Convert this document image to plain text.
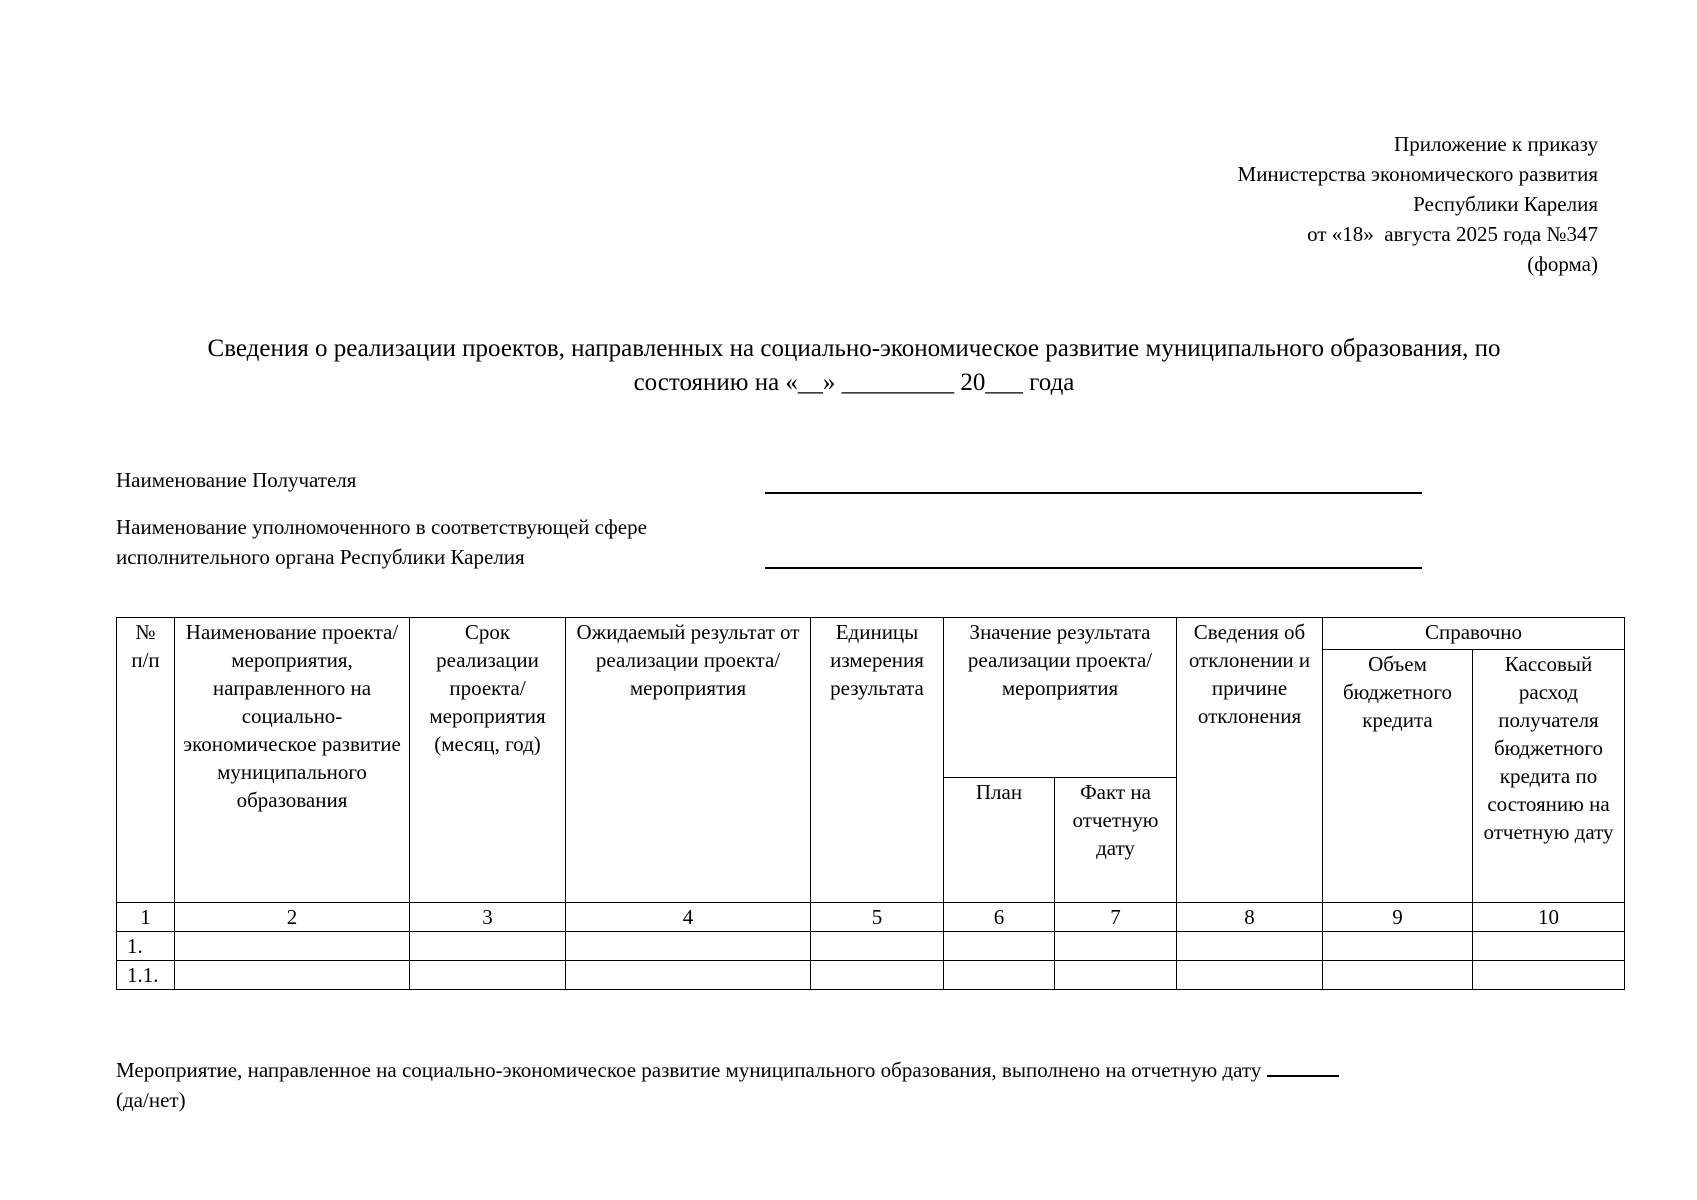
Приложение к приказу
Министерства экономического развития
Республики Карелия
от «18»  августа 2025 года №347
(форма)
Сведения о реализации проектов, направленных на социально-экономическое развитие муниципального образования, по
состоянию на «__» _________ 20___ года
Наименование Получателя
Наименование уполномоченного в соответствующей сфере
исполнительного органа Республики Карелия
№
п/п	Наименование проекта/ мероприятия, направленного на социально-экономическое развитие муниципального образования	Срок реализации проекта/ мероприятия (месяц, год)	Ожидаемый результат от реализации проекта/мероприятия	Единицы измерения результата	Значение результата реализации проекта/ мероприятия		Сведения об отклонении и причине отклонения	Справочно	
								Объем бюджетного кредита	Кассовый расход получателя бюджетного кредита по состоянию на отчетную дату
					План	Факт на отчетную дату			
1	2	3	4	5	6	7	8	9	10
1.									
1.1.									
Мероприятие, направленное на социально-экономическое развитие муниципального образования, выполнено на отчетную дату
(да/нет)
